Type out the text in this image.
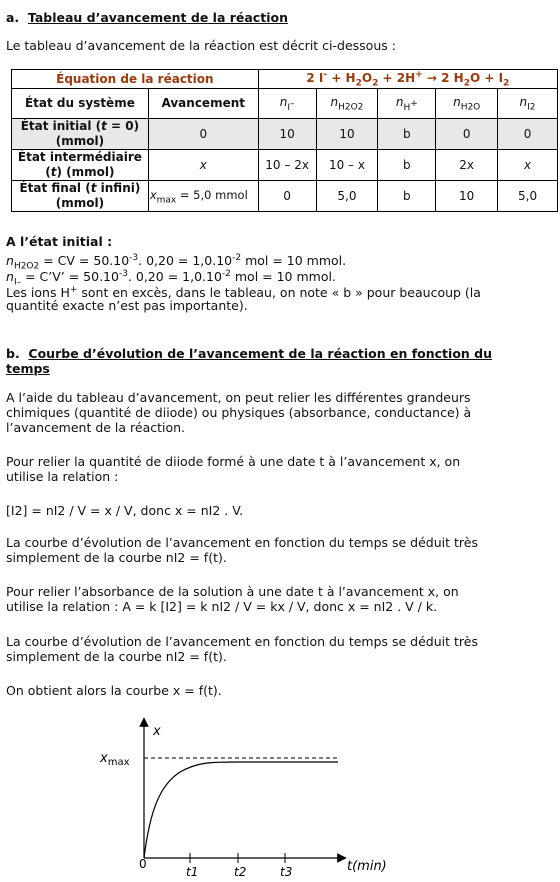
a. Tableau d’avancement de la réaction
Le tableau d’avancement de la réaction est décrit ci-dessous :
Équation de la réaction		2 $I^- + H_2O_2 + 2H^+ \to 2$ $H_2O + I_2$
État du système	Avancement	$n_{I^-}$	$n_{H2O2}$	$n_{H^+}$	$n_{H2O}$	$n_{I2}$
État initial (t = 0)
(mmol)	0	10	10	b	0	0
État intermédiaire
(t) (mmol)	x	10 – 2x	10 – x	b	2x	x
État final (t infini)
(mmol)	$x_{max} = 5,0$ mmol	0	5,0	b	10	5,0
A l’état initial :
$n_{H2O2}$ = CV = $50.10^{-3}$. $0,20 = 1,0.10^{-2}$ mol = 10 mmol.
$n_{I-}$ = C’V’ = $50.10^{-3}$. $0,20 = 1,0.10^{-2}$ mol = 10 mmol.
Les ions H+ sont en excès, dans le tableau, on note « b » pour beaucoup (la
quantité exacte n’est pas importante).
b. Courbe d’évolution de l’avancement de la réaction en fonction du
temps
A l’aide du tableau d’avancement, on peut relier les différentes grandeurs
chimiques (quantité de diiode) ou physiques (absorbance, conductance) à
l’avancement de la réaction.
Pour relier la quantité de diiode formé à une date t à l’avancement x, on
utilise la relation :
[I2] = nI2 / V = x / V, donc x = nI2 . V.
La courbe d’évolution de l’avancement en fonction du temps se déduit très
simplement de la courbe nI2 = f(t).
Pour relier l’absorbance de la solution à une date t à l’avancement x, on
utilise la relation : A = k [I2] = k nI2 / V = kx / V, donc x = nI2 . V / k.
La courbe d’évolution de l’avancement en fonction du temps se déduit très
simplement de la courbe nI2 = f(t).
On obtient alors la courbe x = f(t).
x
$x_{max}$
0
t1	t2	t3	t(min)
